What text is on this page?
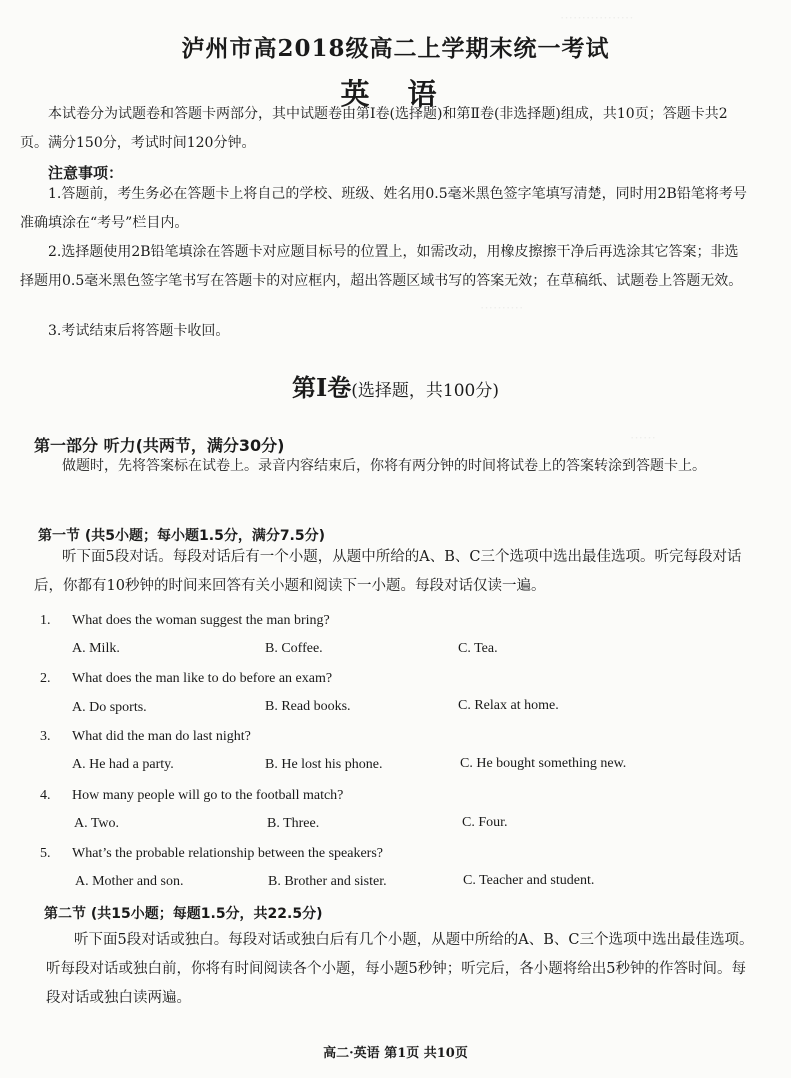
·················
··········
······
泸州市高2018级高二上学期末统一考试
英 语
本试卷分为试题卷和答题卡两部分，其中试题卷由第Ⅰ卷(选择题)和第Ⅱ卷(非选择题)组成，共10页；答题卡共2页。满分150分，考试时间120分钟。
注意事项：
1.答题前，考生务必在答题卡上将自己的学校、班级、姓名用0.5毫米黑色签字笔填写清楚，同时用2B铅笔将考号准确填涂在“考号”栏目内。
2.选择题使用2B铅笔填涂在答题卡对应题目标号的位置上，如需改动，用橡皮擦擦干净后再选涂其它答案；非选择题用0.5毫米黑色签字笔书写在答题卡的对应框内，超出答题区域书写的答案无效；在草稿纸、试题卷上答题无效。
3.考试结束后将答题卡收回。
第Ⅰ卷(选择题，共100分)
第一部分 听力(共两节，满分30分)
做题时，先将答案标在试卷上。录音内容结束后，你将有两分钟的时间将试卷上的答案转涂到答题卡上。
第一节 (共5小题；每小题1.5分，满分7.5分)
听下面5段对话。每段对话后有一个小题，从题中所给的A、B、C三个选项中选出最佳选项。听完每段对话后，你都有10秒钟的时间来回答有关小题和阅读下一小题。每段对话仅读一遍。
1. What does the woman suggest the man bring?
A. Milk.	B. Coffee.	C. Tea.
2. What does the man like to do before an exam?
A. Do sports.	B. Read books.	C. Relax at home.
3. What did the man do last night?
A. He had a party.	B. He lost his phone.	C. He bought something new.
4. How many people will go to the football match?
A. Two.	B. Three.	C. Four.
5. What’s the probable relationship between the speakers?
A. Mother and son.	B. Brother and sister.	C. Teacher and student.
第二节 (共15小题；每题1.5分，共22.5分)
听下面5段对话或独白。每段对话或独白后有几个小题，从题中所给的A、B、C三个选项中选出最佳选项。听每段对话或独白前，你将有时间阅读各个小题，每小题5秒钟；听完后，各小题将给出5秒钟的作答时间。每段对话或独白读两遍。
高二·英语 第1页 共10页
